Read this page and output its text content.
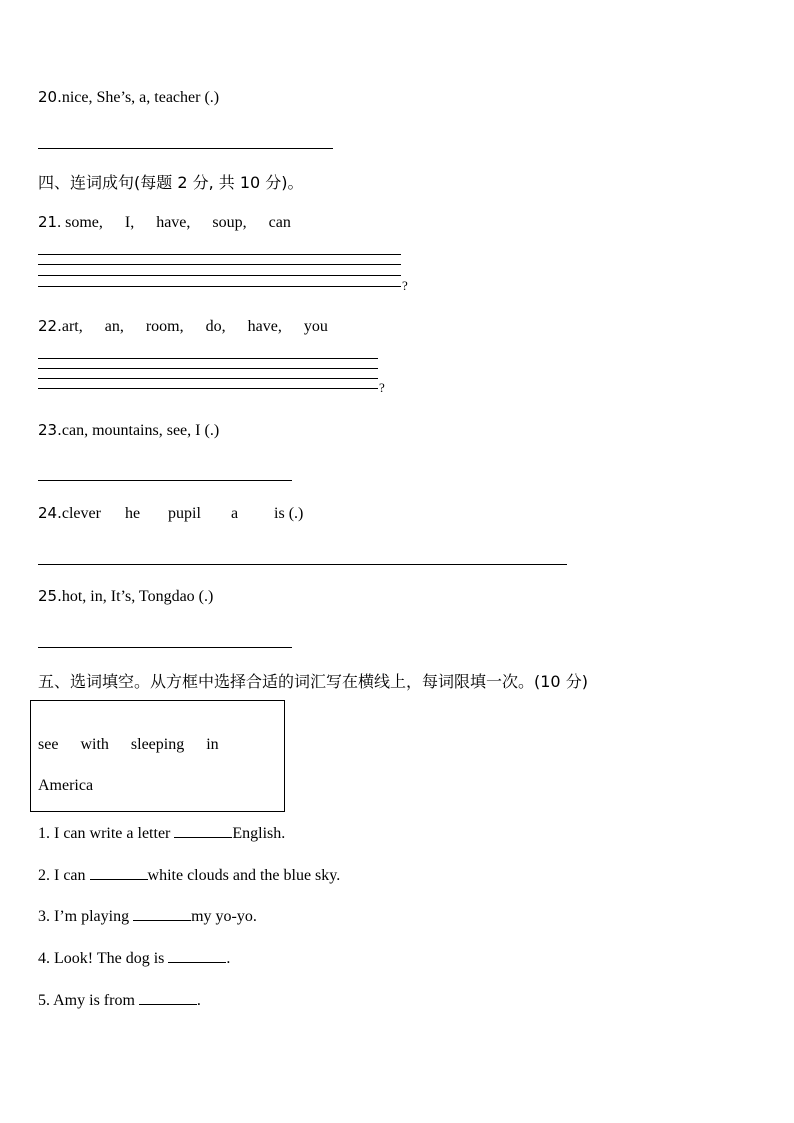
20.nice, She’s, a, teacher (.)
四、连词成句(每题 2 分, 共 10 分)。
21. some, I, have, soup, can
?
22.art, an, room, do, have, you
?
23.can, mountains, see, I (.)
24.clever he pupil a is (.)
25.hot, in, It’s, Tongdao (.)
五、选词填空。从方框中选择合适的词汇写在横线上，每词限填一次。(10 分)
see with sleeping in
America
1. I can write a letter	English.
2. I can	white clouds and the blue sky.
3. I’m playing	my yo-yo.
4. Look! The dog is	.
5. Amy is from	.
